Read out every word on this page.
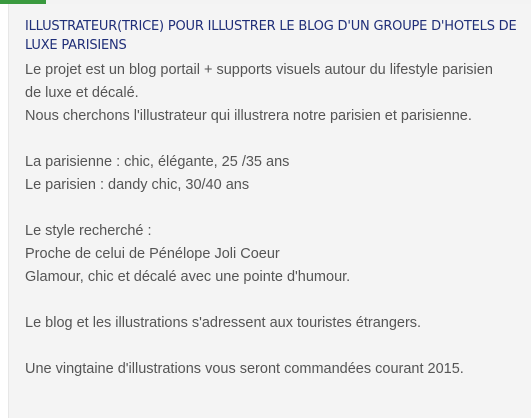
ILLUSTRATEUR(TRICE) POUR ILLUSTRER LE BLOG D'UN GROUPE D'HOTELS DE LUXE PARISIENS

Le projet est un blog portail + supports visuels autour du lifestyle parisien

de luxe et décalé.

Nous cherchons l'illustrateur qui illustrera notre parisien et parisienne.

La parisienne : chic, élégante, 25 /35 ans

Le parisien : dandy chic, 30/40 ans

Le style recherché :

Proche de celui de Pénélope Joli Coeur

Glamour, chic et décalé avec une pointe d'humour.

Le blog et les illustrations s'adressent aux touristes étrangers.

Une vingtaine d'illustrations vous seront commandées courant 2015.
